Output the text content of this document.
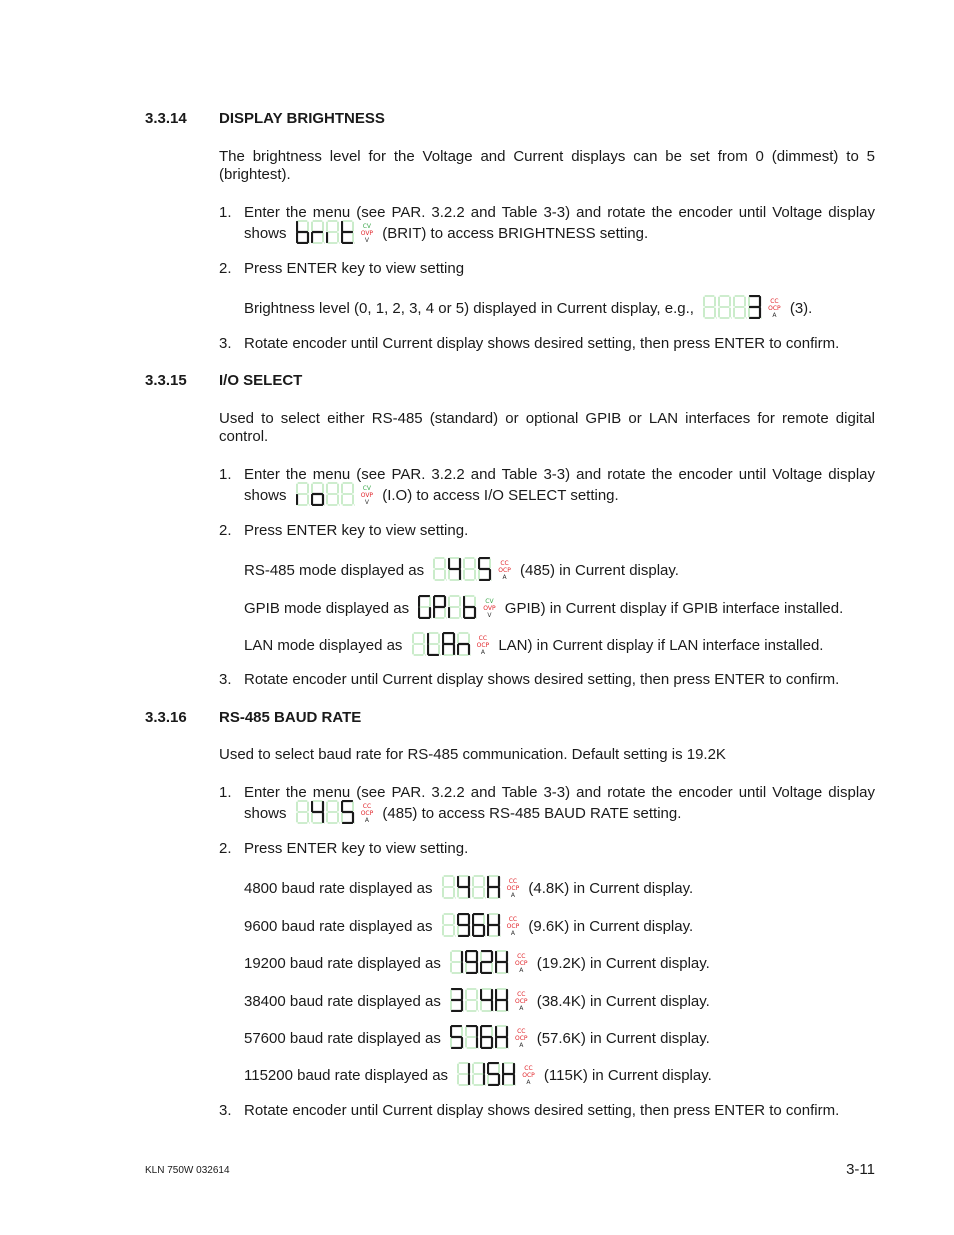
3.3.14 DISPLAY BRIGHTNESS

The brightness level for the Voltage and Current displays can be set from 0 (dimmest) to 5 (brightest).

1. Enter the menu (see PAR. 3.2.2 and Table 3-3) and rotate the encoder until Voltage display shows	CV
OVP
V (BRIT) to access BRIGHTNESS setting.
2. Press ENTER key to view setting
Brightness level (0, 1, 2, 3, 4 or 5) displayed in Current display, e.g.,	CC
OCP
A (3).
3. Rotate encoder until Current display shows desired setting, then press ENTER to confirm.
3.3.15 I/O SELECT

Used to select either RS-485 (standard) or optional GPIB or LAN interfaces for remote digital control.

1. Enter the menu (see PAR. 3.2.2 and Table 3-3) and rotate the encoder until Voltage display shows	CV
OVP
V (I.O) to access I/O SELECT setting.
2. Press ENTER key to view setting.
RS-485 mode displayed as	CC
OCP
A (485) in Current display.
GPIB mode displayed as	CV
OVP
V GPIB) in Current display if GPIB interface installed.
LAN mode displayed as	CC
OCP
A LAN) in Current display if LAN interface installed.
3. Rotate encoder until Current display shows desired setting, then press ENTER to confirm.
3.3.16 RS-485 BAUD RATE

Used to select baud rate for RS-485 communication. Default setting is 19.2K

1. Enter the menu (see PAR. 3.2.2 and Table 3-3) and rotate the encoder until Voltage display shows	CC
OCP
A (485) to access RS-485 BAUD RATE setting.
2. Press ENTER key to view setting.
4800 baud rate displayed as	CC
OCP
A (4.8K) in Current display.
9600 baud rate displayed as	CC
OCP
A (9.6K) in Current display.
19200 baud rate displayed as	CC
OCP
A (19.2K) in Current display.
38400 baud rate displayed as	CC
OCP
A (38.4K) in Current display.
57600 baud rate displayed as	CC
OCP
A (57.6K) in Current display.
115200 baud rate displayed as	CC
OCP
A (115K) in Current display.
3. Rotate encoder until Current display shows desired setting, then press ENTER to confirm.
KLN 750W 032614	3-11
